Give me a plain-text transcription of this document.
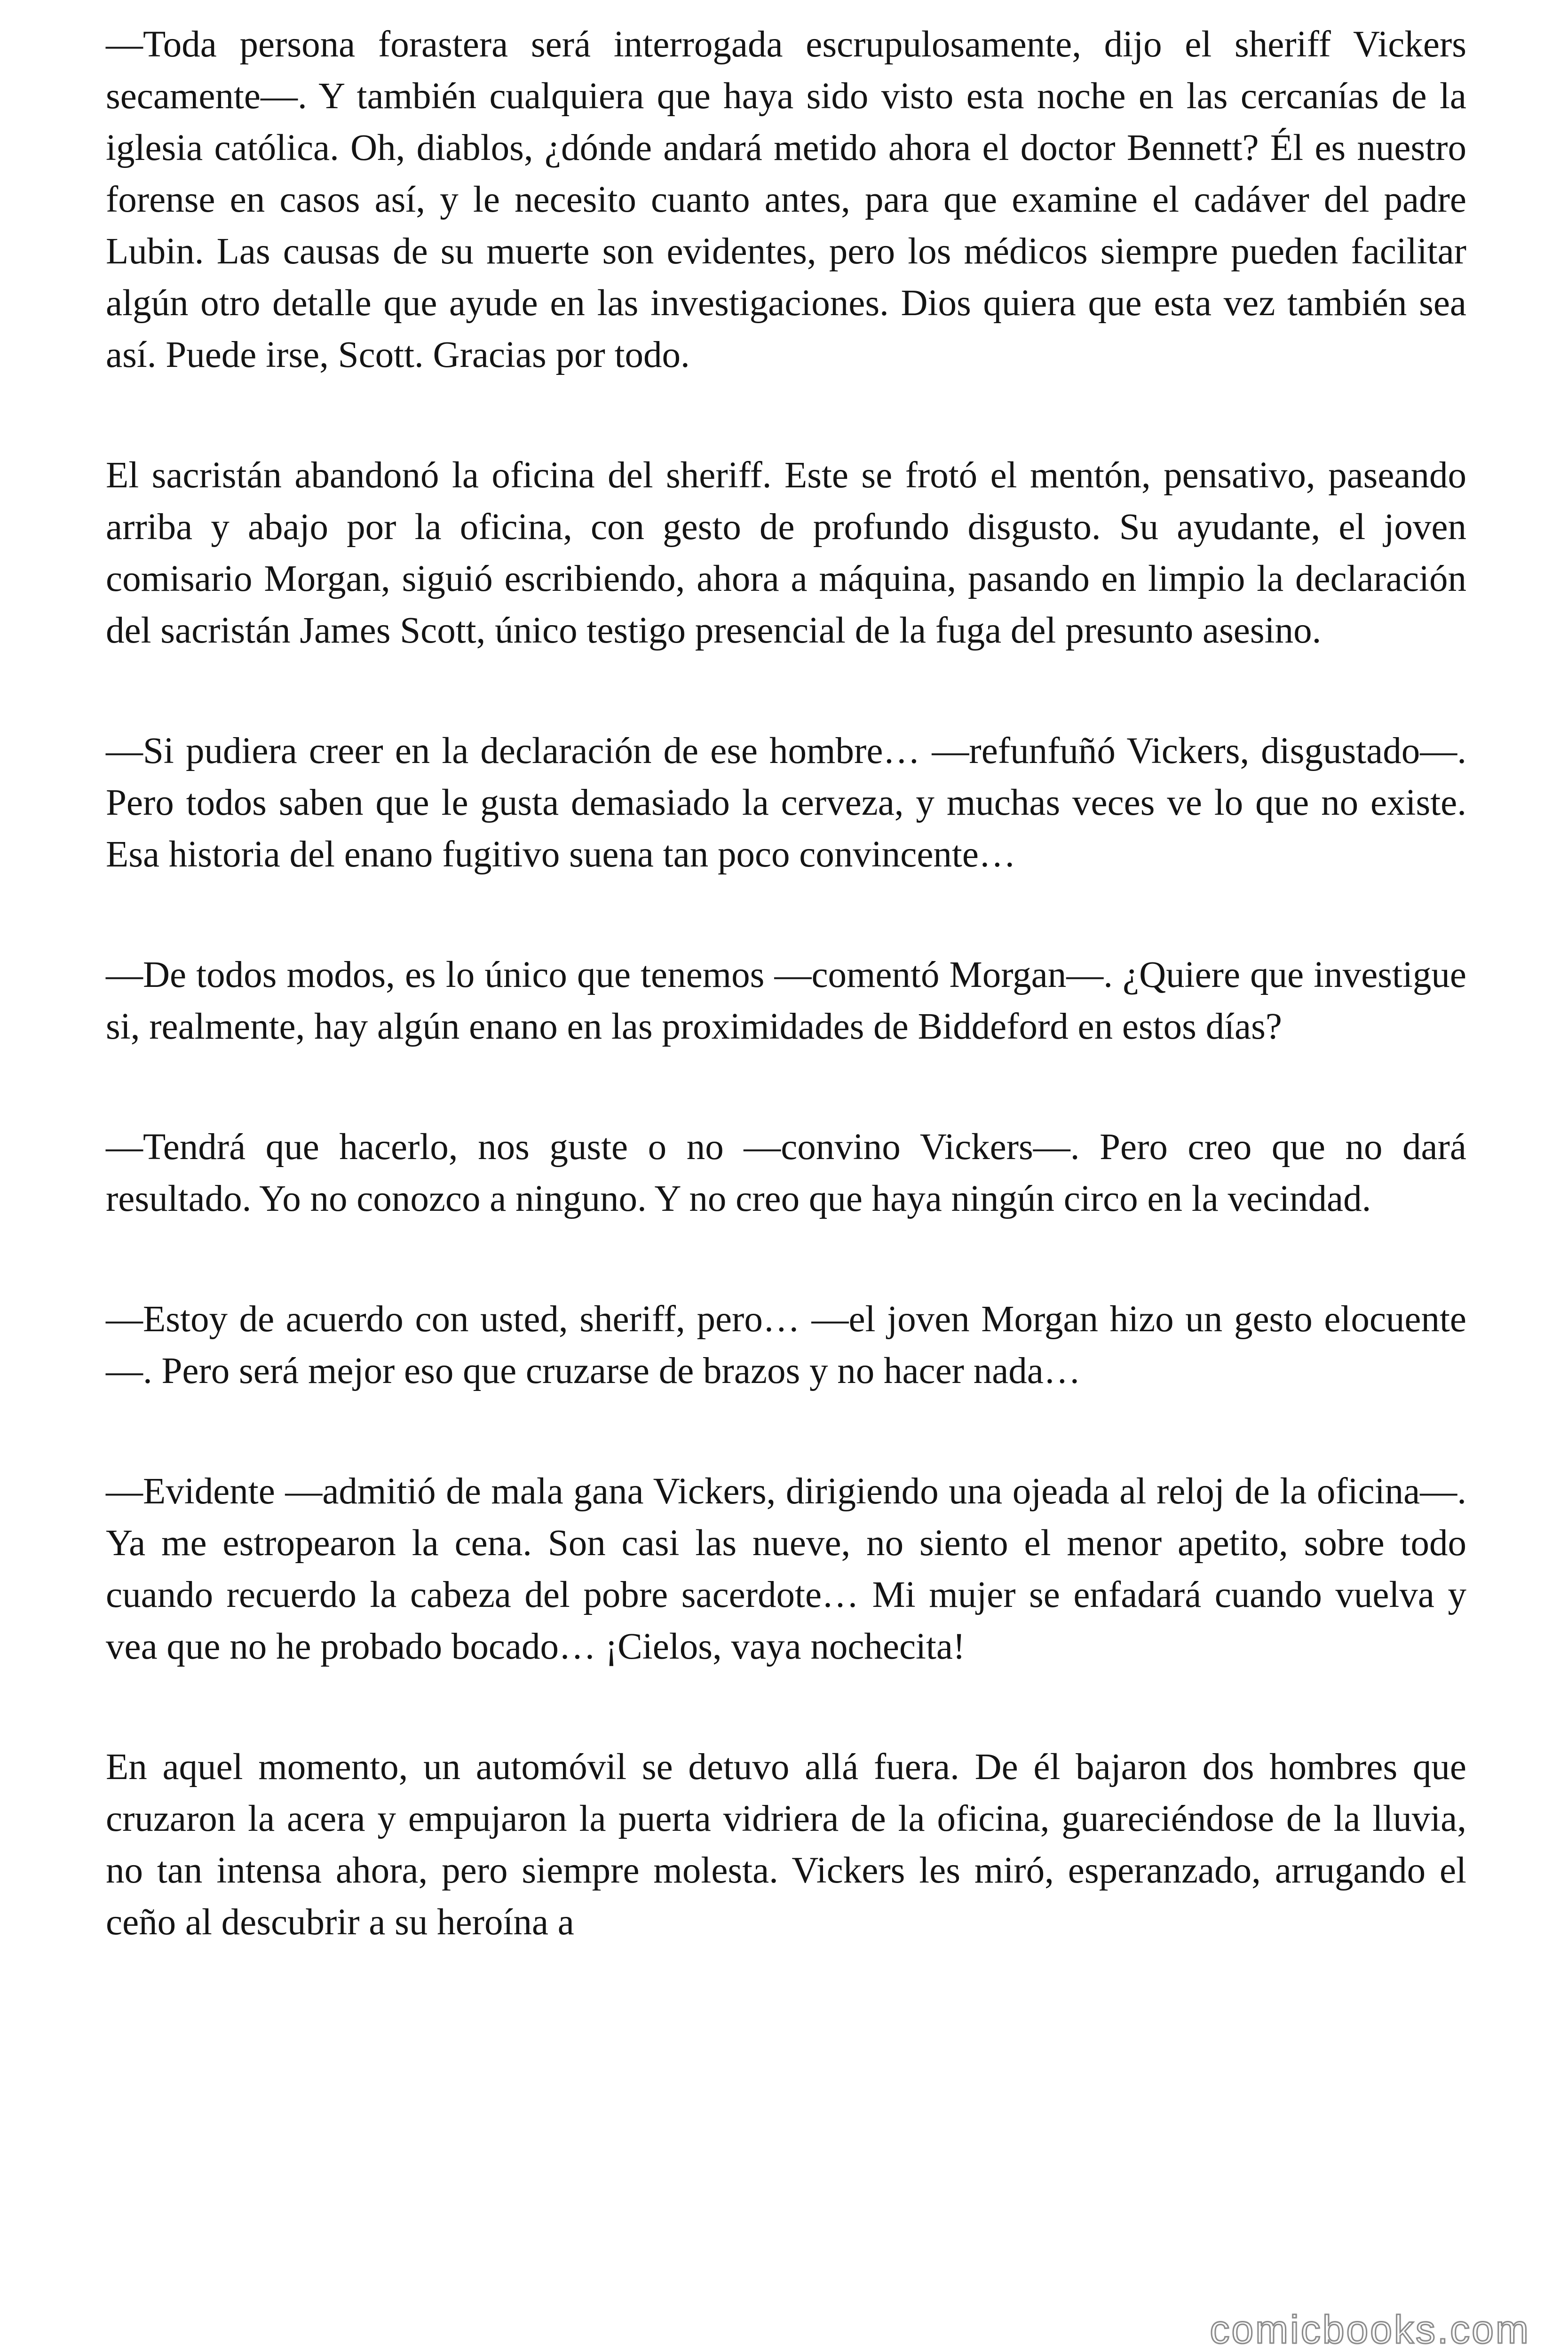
—Toda persona forastera será interrogada escrupulosamente, dijo el sheriff Vickers secamente—. Y también cualquiera que haya sido visto esta noche en las cercanías de la iglesia católica. Oh, diablos, ¿dónde andará metido ahora el doctor Bennett? Él es nuestro forense en casos así, y le necesito cuanto antes, para que examine el cadáver del padre Lubin. Las causas de su muerte son evidentes, pero los médicos siempre pueden facilitar algún otro detalle que ayude en las investigaciones. Dios quiera que esta vez también sea así. Puede irse, Scott. Gracias por todo.

El sacristán abandonó la oficina del sheriff. Este se frotó el mentón, pensativo, paseando arriba y abajo por la oficina, con gesto de profundo disgusto. Su ayudante, el joven comisario Morgan, siguió escribiendo, ahora a máquina, pasando en limpio la declaración del sacristán James Scott, único testigo presencial de la fuga del presunto asesino.

—Si pudiera creer en la declaración de ese hombre… —refunfuñó Vickers, disgustado—. Pero todos saben que le gusta demasiado la cerveza, y muchas veces ve lo que no existe. Esa historia del enano fugitivo suena tan poco convincente…

—De todos modos, es lo único que tenemos —comentó Morgan—. ¿Quiere que investigue si, realmente, hay algún enano en las proximidades de Biddeford en estos días?

—Tendrá que hacerlo, nos guste o no —convino Vickers—. Pero creo que no dará resultado. Yo no conozco a ninguno. Y no creo que haya ningún circo en la vecindad.

—Estoy de acuerdo con usted, sheriff, pero… —el joven Morgan hizo un gesto elocuente—. Pero será mejor eso que cruzarse de brazos y no hacer nada…

—Evidente —admitió de mala gana Vickers, dirigiendo una ojeada al reloj de la oficina—. Ya me estropearon la cena. Son casi las nueve, no siento el menor apetito, sobre todo cuando recuerdo la cabeza del pobre sacerdote… Mi mujer se enfadará cuando vuelva y vea que no he probado bocado… ¡Cielos, vaya nochecita!

En aquel momento, un automóvil se detuvo allá fuera. De él bajaron dos hombres que cruzaron la acera y empujaron la puerta vidriera de la oficina, guareciéndose de la lluvia, no tan intensa ahora, pero siempre molesta. Vickers les miró, esperanzado, arrugando el ceño al descubrir a su heroína a

comicbooks.com
